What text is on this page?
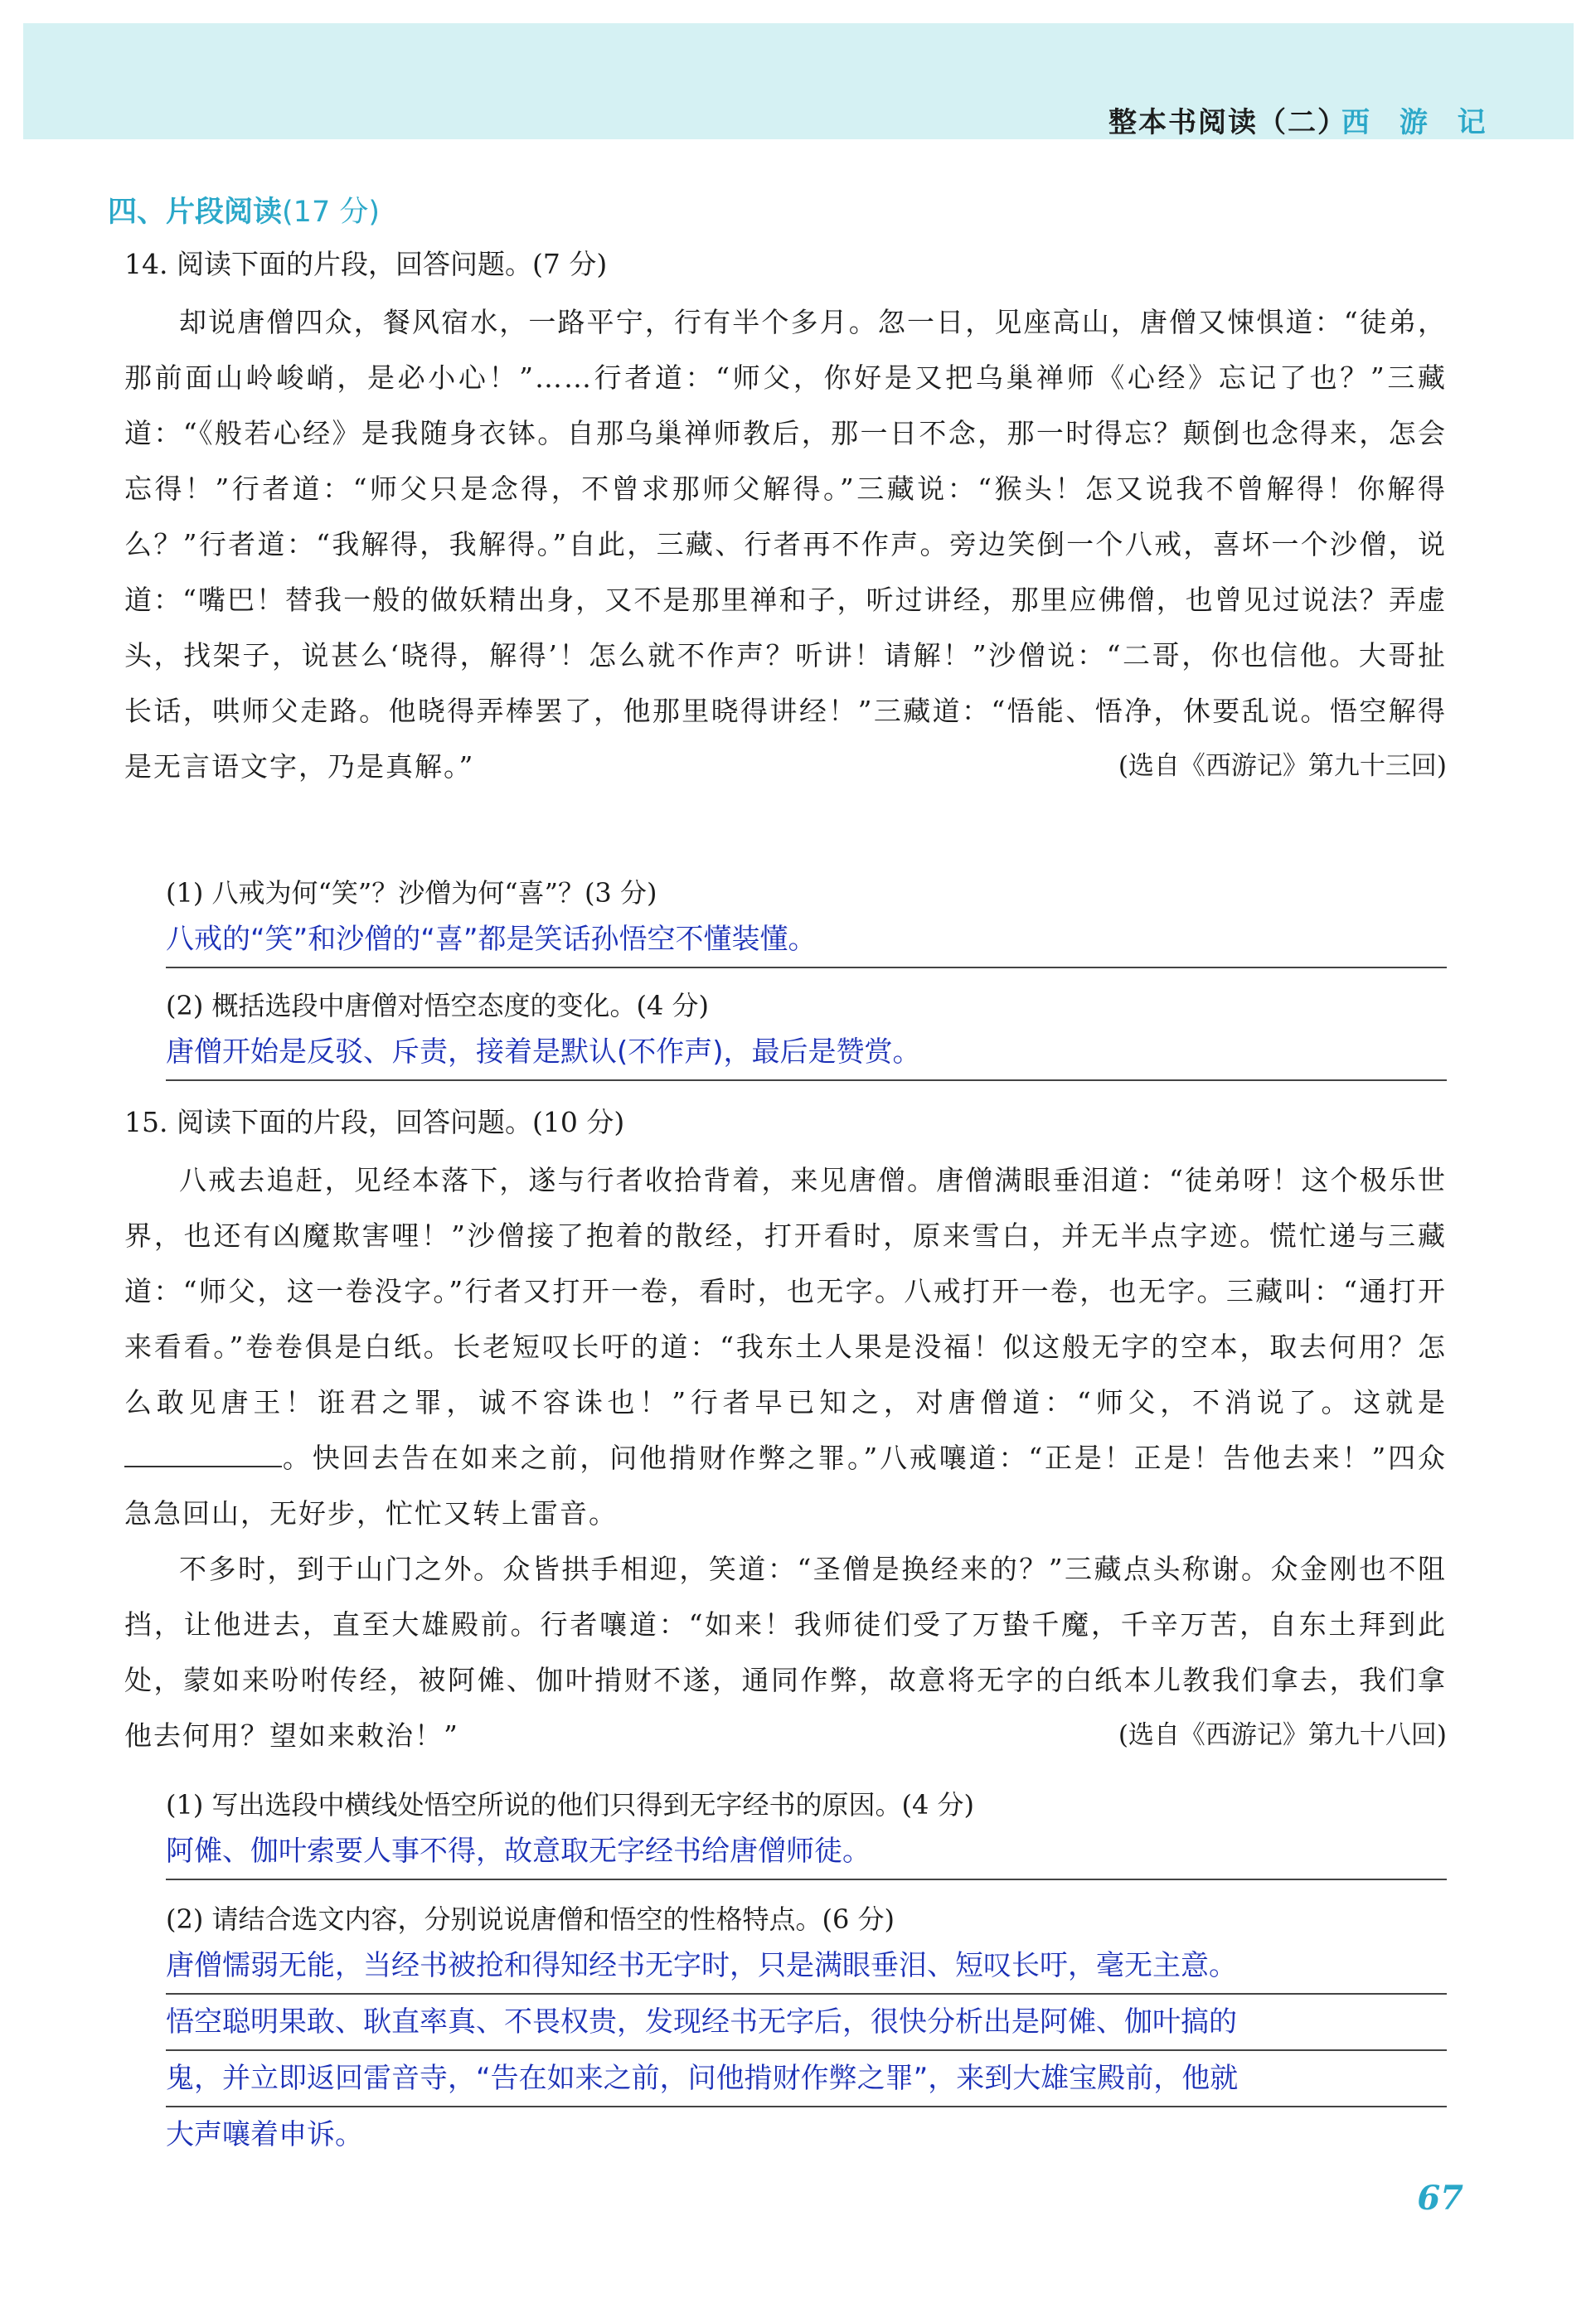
整本书阅读（二）
西 游 记
四、片段阅读(17 分)
14. 阅读下面的片段，回答问题。(7 分)

却说唐僧四众，餐风宿水，一路平宁，行有半个多月。忽一日，见座高山，唐僧又悚惧道：“徒弟，那前面山岭峻峭，是必小心！”……行者道：“师父，你好是又把乌巢禅师《心经》忘记了也？”三藏道：“《般若心经》是我随身衣钵。自那乌巢禅师教后，那一日不念，那一时得忘？颠倒也念得来，怎会忘得！”行者道：“师父只是念得，不曾求那师父解得。”三藏说：“猴头！怎又说我不曾解得！你解得么？”行者道：“我解得，我解得。”自此，三藏、行者再不作声。旁边笑倒一个八戒，喜坏一个沙僧，说道：“嘴巴！替我一般的做妖精出身，又不是那里禅和子，听过讲经，那里应佛僧，也曾见过说法？弄虚头，找架子，说甚么‘晓得，解得’！怎么就不作声？听讲！请解！”沙僧说：“二哥，你也信他。大哥扯长话，哄师父走路。他晓得弄棒罢了，他那里晓得讲经！”三藏道：“悟能、悟净，休要乱说。悟空解得是无言语文字，乃是真解。”	(选自《西游记》第九十三回)

(1) 八戒为何“笑”？沙僧为何“喜”？(3 分)
八戒的“笑”和沙僧的“喜”都是笑话孙悟空不懂装懂。
(2) 概括选段中唐僧对悟空态度的变化。(4 分)
唐僧开始是反驳、斥责，接着是默认(不作声)，最后是赞赏。
15. 阅读下面的片段，回答问题。(10 分)

八戒去追赶，见经本落下，遂与行者收拾背着，来见唐僧。唐僧满眼垂泪道：“徒弟呀！这个极乐世界，也还有凶魔欺害哩！”沙僧接了抱着的散经，打开看时，原来雪白，并无半点字迹。慌忙递与三藏道：“师父，这一卷没字。”行者又打开一卷，看时，也无字。八戒打开一卷，也无字。三藏叫：“通打开来看看。”卷卷俱是白纸。长老短叹长吁的道：“我东土人果是没福！似这般无字的空本，取去何用？怎么敢见唐王！诳君之罪，诚不容诛也！”行者早已知之，对唐僧道：“师父，不消说了。这就是。快回去告在如来之前，问他掯财作弊之罪。”八戒嚷道：“正是！正是！告他去来！”四众急急回山，无好步，忙忙又转上雷音。

不多时，到于山门之外。众皆拱手相迎，笑道：“圣僧是换经来的？”三藏点头称谢。众金刚也不阻挡，让他进去，直至大雄殿前。行者嚷道：“如来！我师徒们受了万蛰千魔，千辛万苦，自东土拜到此处，蒙如来吩咐传经，被阿傩、伽叶掯财不遂，通同作弊，故意将无字的白纸本儿教我们拿去，我们拿他去何用？望如来敕治！”	(选自《西游记》第九十八回)

(1) 写出选段中横线处悟空所说的他们只得到无字经书的原因。(4 分)
阿傩、伽叶索要人事不得，故意取无字经书给唐僧师徒。
(2) 请结合选文内容，分别说说唐僧和悟空的性格特点。(6 分)
唐僧懦弱无能，当经书被抢和得知经书无字时，只是满眼垂泪、短叹长吁，毫无主意。
悟空聪明果敢、耿直率真、不畏权贵，发现经书无字后，很快分析出是阿傩、伽叶搞的
鬼，并立即返回雷音寺，“告在如来之前，问他掯财作弊之罪”，来到大雄宝殿前，他就
大声嚷着申诉。
67
